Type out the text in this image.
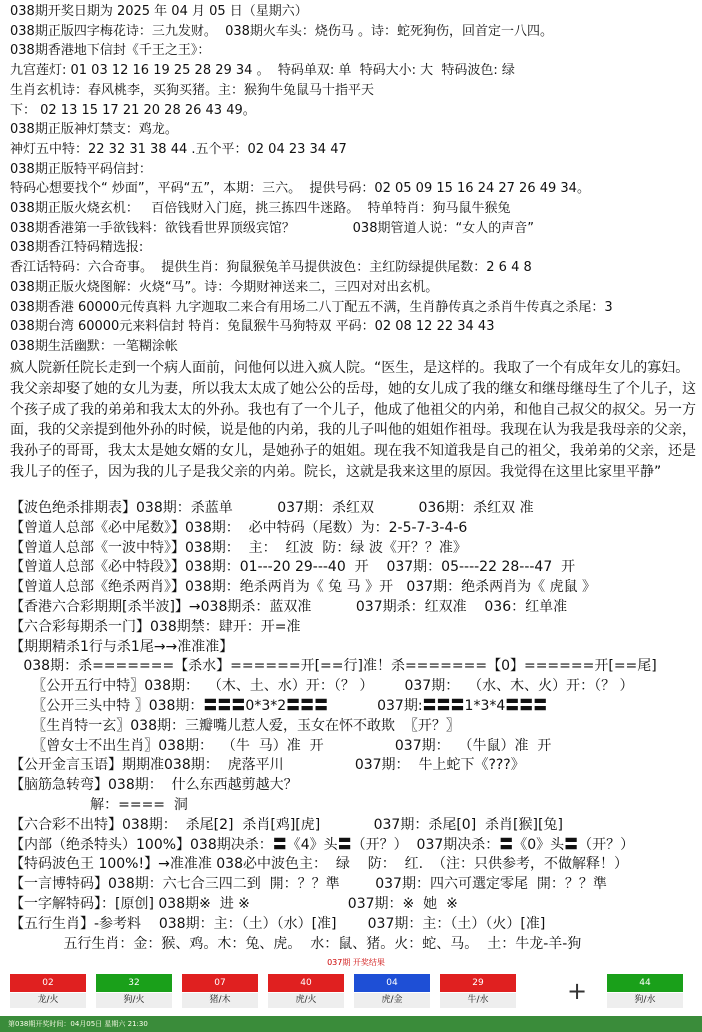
038期开奖日期为 2025 年 04 月 05 日（星期六）
038期正版四字梅花诗：三九发财。  038期火车头：烧伤马 。诗：蛇死狗伤，回首定一八四。
038期香港地下信封《千王之王》：
九宫莲灯: 01 03 12 16 19 25 28 29 34 。  特码单双: 单  特码大小: 大  特码波色: 绿
生肖玄机诗：春风桃李，买狗买猪。主：猴狗牛兔鼠马十指平天
下： 02 13 15 17 21 20 28 26 43 49。
038期正版神灯禁支：鸡龙。
神灯五中特：22 32 31 38 44 .五个平：02 04 23 34 47
038期正版特平码信封：
特码心想要找个“ 炒面”，平码“五”，本期：三六。  提供号码：02 05 09 15 16 24 27 26 49 34。
038期正版火烧玄机：   百倍钱财入门庭，挑三拣四牛迷路。  特单特肖：狗马鼠牛猴兔
038期香港第一手欲钱料：欲钱看世界顶级宾馆？              038期管道人说：“女人的声音”
038期香江特码精选报:
香江话特码：六合奇事。  提供生肖：狗鼠猴兔羊马提供波色：主红防绿提供尾数：2 6 4 8
038期正版火烧图解：火烧“马”。诗：今期财神送来二，三四对对出玄机。
038期香港 60000元传真料 九字迦取二来合有用场二八丁配五不满，生肖静传真之杀肖牛传真之杀尾：3
038期台湾 60000元来料信封 特肖：兔鼠猴牛马狗特双 平码：02 08 12 22 34 43
038期生活幽默：一笔糊涂帐
疯人院新任院长走到一个病人面前，问他何以进入疯人院。“医生，是这样的。我取了一个有成年女儿的寡妇。我父亲却娶了她的女儿为妻，所以我太太成了她公公的岳母，她的女儿成了我的继女和继母继母生了个儿子，这个孩子成了我的弟弟和我太太的外孙。我也有了一个儿子，他成了他祖父的内弟，和他自己叔父的叔父。另一方面，我的父亲提到他外孙的时候，说是他的内弟，我的儿子叫他的姐姐作祖母。我现在认为我是我母亲的父亲，我孙子的哥哥，我太太是她女婿的女儿，是她孙子的姐姐。现在我不知道我是自己的祖父，我弟弟的父亲，还是我儿子的侄子，因为我的儿子是我父亲的内弟。院长，这就是我来这里的原因。我觉得在这里比家里平静”
【波色绝杀排期表】038期：杀蓝单          037期：杀红双          036期：杀红双 准
【曾道人总部《必中尾数》】038期：  必中特码（尾数）为：2-5-7-3-4-6
【曾道人总部《一波中特》】038期：  主：  红波  防：绿 波《开？？准》
【曾道人总部《必中特段》】038期：01---20 29---40  开    037期：05----22 28---47  开
【曾道人总部《绝杀两肖》】038期：绝杀两肖为《 兔 马 》开   037期：绝杀两肖为《 虎鼠 》
【香港六合彩期期[杀半波]】→038期杀：蓝双准          037期杀：红双准    036：红单准
【六合彩每期杀一门】038期禁：肆开：开=准
【期期精杀1行与杀1尾→→准准准】
038期：杀=======【杀水】======开[==行]准！杀=======【0】======开[==尾]
〖公开五行中特〗038期：  （木、土、水）开：（？ ）       037期：  （水、木、火）开：（？ ）
〖公开三头中特 〗038期：〓〓〓0*3*2〓〓〓           037期:〓〓〓1*3*4〓〓〓
〖生肖特一玄〗038期：三瓣嘴儿惹人爱，玉女在怀不敢欺  〖开？〗
〖曾女士不出生肖〗038期：  （牛  马）准  开                037期：  （牛鼠）准  开
【公开金言玉语】期期准038期：  虎落平川                037期：  牛上蛇下《???》
【脑筋急转弯】038期：  什么东西越剪越大？
解：====  洞
【六合彩不出特】038期：  杀尾[2]  杀肖[鸡][虎]            037期：杀尾[0]  杀肖[猴][兔]
【内部（绝杀特头）100%】038期决杀：〓《4》头〓（开？）  037期决杀：〓《0》头〓（开？）
【特码波色王 100%!】→准准准 038必中波色主：  绿    防：  红.  （注：只供参考，不做解释！）
【一言博特码】038期：六七合三四二到  開：？？準        037期：四六可選定零尾  開：？？準
【一字解特码】：[原创] 038期※  进 ※                      037期：※  她  ※
【五行生肖】-参考料    038期：主：（土）（水）[准]       037期：主：（土）（火）[准]
五行生肖：金：猴、鸡。木：兔、虎。  水：鼠、猪。火：蛇、马。  土：牛龙-羊-狗
037期 开奖结果
02
龙/火
32
狗/火
07
猪/木
40
虎/火
04
虎/金
29
牛/水
44
狗/水
+
第038期开奖时间：04月05日 星期六 21:30
